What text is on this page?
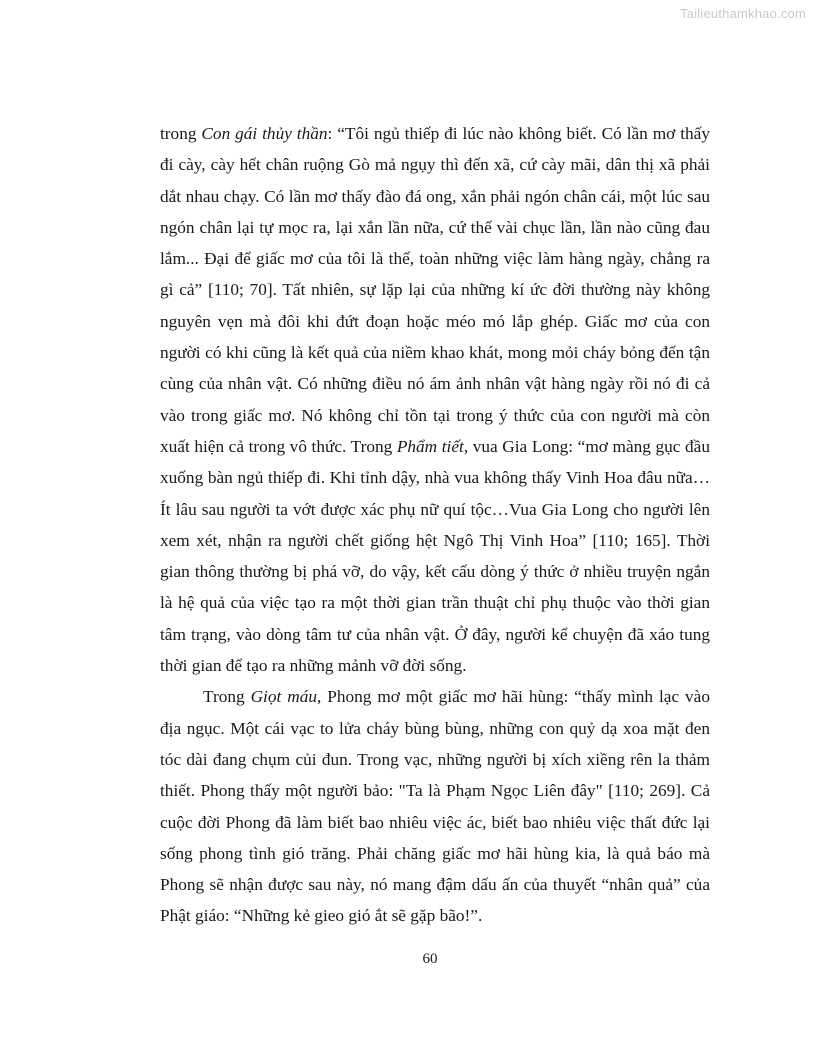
Tailieuthamkhao.com

trong Con gái thủy thần: “Tôi ngủ thiếp đi lúc nào không biết. Có lần mơ thấy đi cày, cày hết chân ruộng Gò mả ngụy thì đến xã, cứ cày mãi, dân thị xã phải dắt nhau chạy. Có lần mơ thấy đào đá ong, xắn phải ngón chân cái, một lúc sau ngón chân lại tự mọc ra, lại xắn lần nữa, cứ thế vài chục lần, lần nào cũng đau lắm... Đại để giấc mơ của tôi là thế, toàn những việc làm hàng ngày, chẳng ra gì cả” [110; 70]. Tất nhiên, sự lặp lại của những kí ức đời thường này không nguyên vẹn mà đôi khi đứt đoạn hoặc méo mó lắp ghép. Giấc mơ của con người có khi cũng là kết quả của niềm khao khát, mong mỏi cháy bỏng đến tận cùng của nhân vật. Có những điều nó ám ảnh nhân vật hàng ngày rồi nó đi cả vào trong giấc mơ. Nó không chỉ tồn tại trong ý thức của con người mà còn xuất hiện cả trong vô thức. Trong Phẩm tiết, vua Gia Long: “mơ màng gục đầu xuống bàn ngủ thiếp đi. Khi tỉnh dậy, nhà vua không thấy Vinh Hoa đâu nữa…Ít lâu sau người ta vớt được xác phụ nữ quí tộc…Vua Gia Long cho người lên xem xét, nhận ra người chết giống hệt Ngô Thị Vinh Hoa” [110; 165]. Thời gian thông thường bị phá vỡ, do vậy, kết cấu dòng ý thức ở nhiều truyện ngắn là hệ quả của việc tạo ra một thời gian trần thuật chỉ phụ thuộc vào thời gian tâm trạng, vào dòng tâm tư của nhân vật. Ở đây, người kể chuyện đã xáo tung thời gian để tạo ra những mảnh vỡ đời sống.

Trong Giọt máu, Phong mơ một giấc mơ hãi hùng: “thấy mình lạc vào địa ngục. Một cái vạc to lửa cháy bùng bùng, những con quỷ dạ xoa mặt đen tóc dài đang chụm củi đun. Trong vạc, những người bị xích xiềng rên la thảm thiết. Phong thấy một người bảo: "Ta là Phạm Ngọc Liên đây" [110; 269]. Cả cuộc đời Phong đã làm biết bao nhiêu việc ác, biết bao nhiêu việc thất đức lại sống phong tình gió trăng. Phải chăng giấc mơ hãi hùng kia, là quả báo mà Phong sẽ nhận được sau này, nó mang đậm dấu ấn của thuyết “nhân quả” của Phật giáo: “Những kẻ gieo gió ắt sẽ gặp bão!”.

60
